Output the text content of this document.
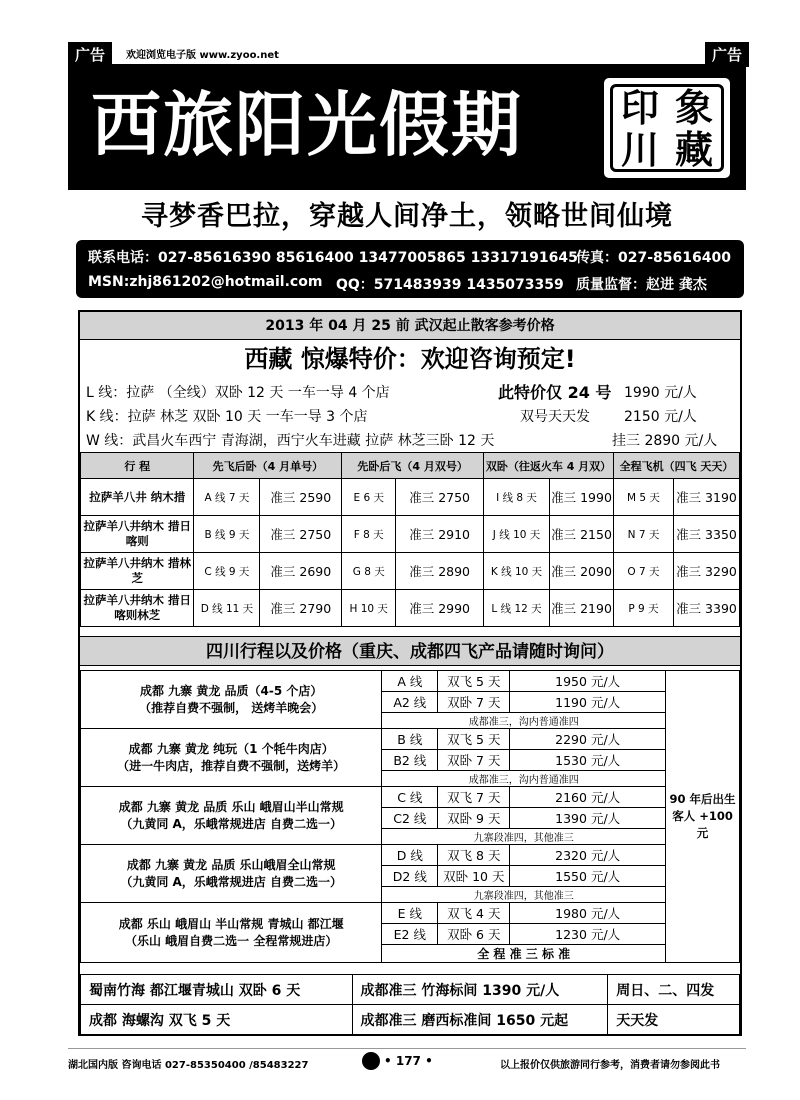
广告	欢迎浏览电子版 www.zyoo.net	广告
西旅阳光假期	印 象
川 藏
寻梦香巴拉，穿越人间净土，领略世间仙境
联系电话：027-85616390 85616400 13477005865 13317191645
传真：027-85616400
MSN:zhj861202@hotmail.com QQ：571483939 1435073359 质量监督：赵进 龚杰
2013 年 04 月 25 前 武汉起止散客参考价格
西藏 惊爆特价：欢迎咨询预定!
L 线：拉萨 （全线）双卧 12 天 一车一导 4 个店	此特价仅 24 号 1990 元/人
K 线：拉萨 林芝 双卧 10 天 一车一导 3 个店	双号天天发 2150 元/人
W 线：武昌火车西宁 青海湖，西宁火车进藏 拉萨 林芝三卧 12 天	挂三 2890 元/人
行 程	先飞后卧（4 月单号）		先卧后飞（4 月双号）		双卧（往返火车 4 月双）		全程飞机（四飞 天天）	
拉萨羊八井 纳木措	A 线 7 天	准三 2590	E 6 天	准三 2750	I 线 8 天	准三 1990	M 5 天	准三 3190
拉萨羊八井纳木 措日喀则	B 线 9 天	准三 2750	F 8 天	准三 2910	J 线 10 天	准三 2150	N 7 天	准三 3350
拉萨羊八井纳木 措林芝	C 线 9 天	准三 2690	G 8 天	准三 2890	K 线 10 天	准三 2090	O 7 天	准三 3290
拉萨羊八井纳木 措日喀则林芝	D 线 11 天	准三 2790	H 10 天	准三 2990	L 线 12 天	准三 2190	P 9 天	准三 3390
四川行程以及价格（重庆、成都四飞产品请随时询问）
成都 九寨 黄龙 品质（4-5 个店）
（推荐自费不强制， 送烤羊晚会）	A 线	双飞 5 天	1950 元/人	90 年后出生客人 +100 元
	A2 线	双卧 7 天	1190 元/人	
	成都准三，沟内普通准四			
成都 九寨 黄龙 纯玩（1 个牦牛肉店）
（进一牛肉店，推荐自费不强制，送烤羊）	B 线	双飞 5 天	2290 元/人	
	B2 线	双卧 7 天	1530 元/人	
	成都准三，沟内普通准四			
成都 九寨 黄龙 品质 乐山 峨眉山半山常规
（九黄同 A，乐峨常规进店 自费二选一）	C 线	双飞 7 天	2160 元/人	
	C2 线	双卧 9 天	1390 元/人	
	九寨段准四，其他准三			
成都 九寨 黄龙 品质 乐山峨眉全山常规
（九黄同 A，乐峨常规进店 自费二选一）	D 线	双飞 8 天	2320 元/人	
	D2 线	双卧 10 天	1550 元/人	
	九寨段准四，其他准三			
成都 乐山 峨眉山 半山常规 青城山 都江堰
（乐山 峨眉自费二选一 全程常规进店）	E 线	双飞 4 天	1980 元/人	
	E2 线	双卧 6 天	1230 元/人	
	全 程 准 三 标 准			
蜀南竹海 都江堰青城山 双卧 6 天	成都准三 竹海标间 1390 元/人	周日、二、四发
成都 海螺沟 双飞 5 天	成都准三 磨西标准间 1650 元起	天天发
湖北国内版 咨询电话 027-85350400 /85483227	• 177 •	以上报价仅供旅游同行参考，消费者请勿参阅此书
